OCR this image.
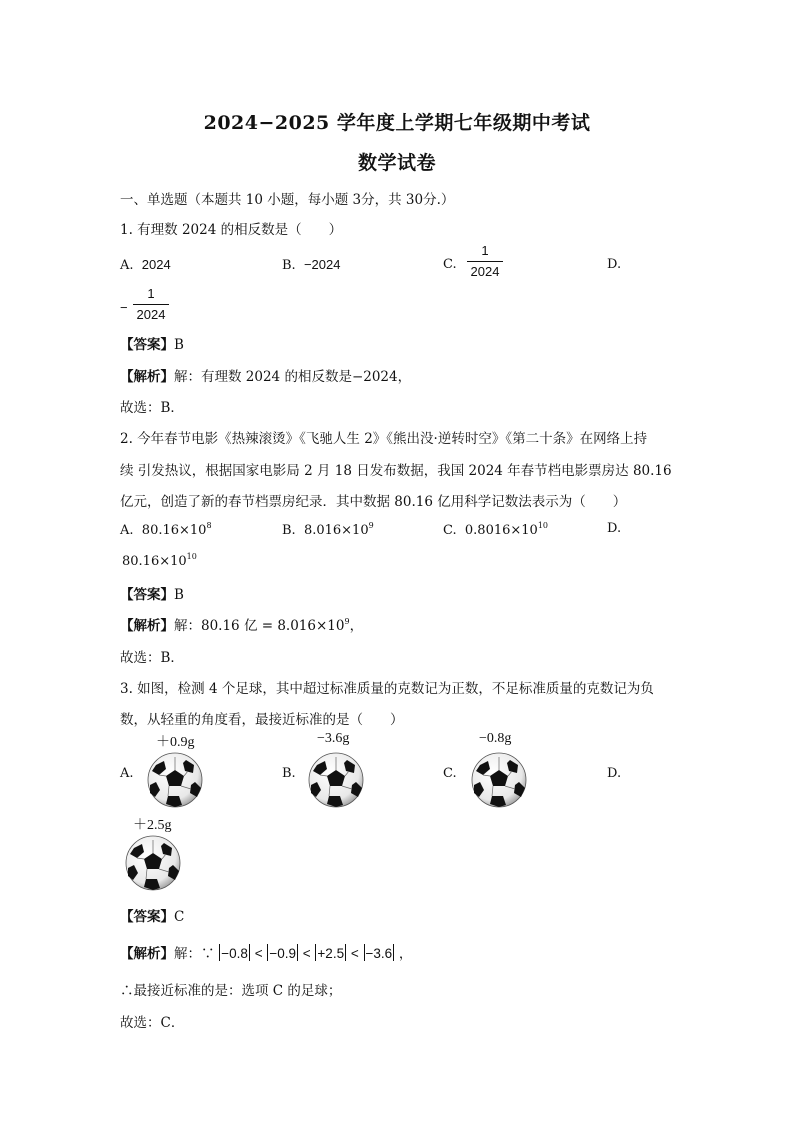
2024−2025 学年度上学期七年级期中考试
数学试卷
一、单选题（本题共 10 小题，每小题 3分，共 30分.）
1. 有理数 2024 的相反数是（　　）
A. 2024	B. −2024	C.
1
2024	D.
−
1
2024
【答案】B
【解析】解：有理数 2024 的相反数是−2024，
故选：B．
2. 今年春节电影《热辣滚烫》《飞驰人生 2》《熊出没·逆转时空》《第二十条》在网络上持
续 引发热议，根据国家电影局 2 月 18 日发布数据，我国 2024 年春节档电影票房达 80.16
亿元，创造了新的春节档票房纪录．其中数据 80.16 亿用科学记数法表示为（　　）
A. $80.16\times 10^8$	B. $8.016\times 10^9$	C. $0.8016\times 10^{10}$	D.
$80.16\times 10^{10}$
【答案】B
【解析】解：80.16 亿 = $8.016\times 10^9$，
故选：B．
3. 如图，检测 4 个足球，其中超过标准质量的克数记为正数，不足标准质量的克数记为负
数，从轻重的角度看，最接近标准的是（　　）
＋0.9g
A.
−3.6g
B.
−0.8g
C.	D.
＋2.5g
【答案】C
【解析】解：∵ −0.8 < −0.9 < +2.5 < −3.6 ，
∴最接近标准的是：选项 C 的足球；
故选：C．
